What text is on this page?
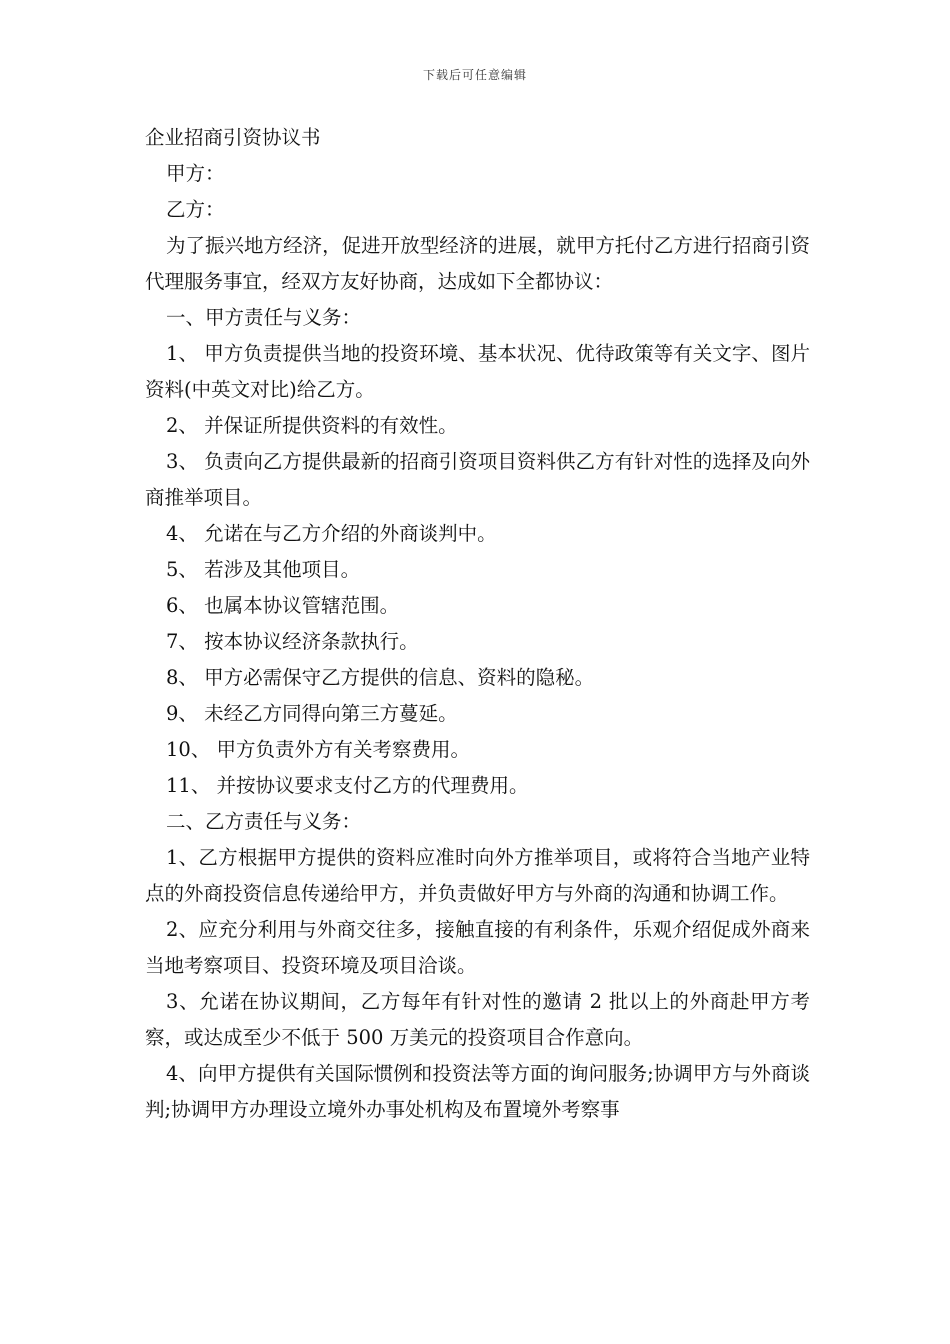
下载后可任意编辑
企业招商引资协议书

甲方：

乙方：

为了振兴地方经济，促进开放型经济的进展，就甲方托付乙方进行招商引资代理服务事宜，经双方友好协商，达成如下全都协议：

一、甲方责任与义务：

1、 甲方负责提供当地的投资环境、基本状况、优待政策等有关文字、图片资料(中英文对比)给乙方。

2、 并保证所提供资料的有效性。

3、 负责向乙方提供最新的招商引资项目资料供乙方有针对性的选择及向外商推举项目。

4、 允诺在与乙方介绍的外商谈判中。

5、 若涉及其他项目。

6、 也属本协议管辖范围。

7、 按本协议经济条款执行。

8、 甲方必需保守乙方提供的信息、资料的隐秘。

9、 未经乙方同得向第三方蔓延。

10、 甲方负责外方有关考察费用。

11、 并按协议要求支付乙方的代理费用。

二、乙方责任与义务：

1、乙方根据甲方提供的资料应准时向外方推举项目，或将符合当地产业特点的外商投资信息传递给甲方，并负责做好甲方与外商的沟通和协调工作。

2、应充分利用与外商交往多，接触直接的有利条件，乐观介绍促成外商来当地考察项目、投资环境及项目洽谈。

3、允诺在协议期间，乙方每年有针对性的邀请 2 批以上的外商赴甲方考察，或达成至少不低于 500 万美元的投资项目合作意向。

4、向甲方提供有关国际惯例和投资法等方面的询问服务;协调甲方与外商谈判;协调甲方办理设立境外办事处机构及布置境外考察事
